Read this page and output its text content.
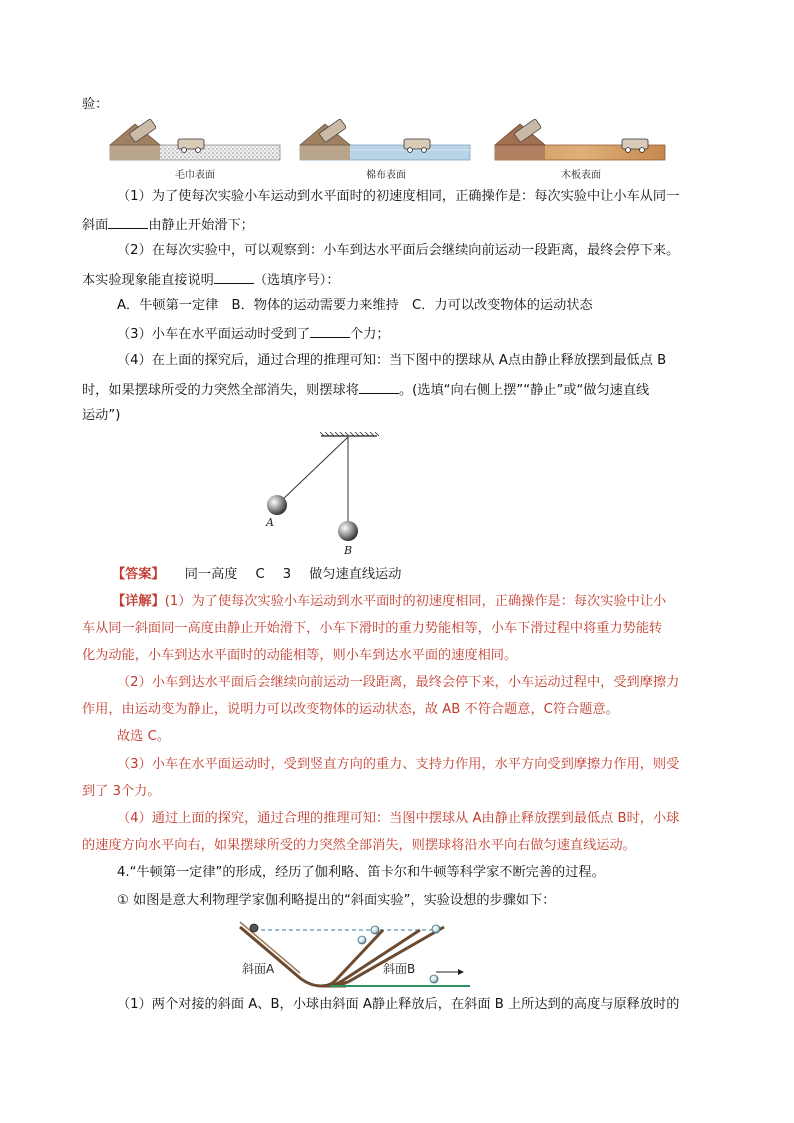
验：
毛巾表面	棉布表面	木板表面
（1）为了使每次实验小车运动到水平面时的初速度相同，正确操作是：每次实验中让小车从同一
斜面	由静止开始滑下；
（2）在每次实验中，可以观察到：小车到达水平面后会继续向前运动一段距离，最终会停下来。
本实验现象能直接说明	（选填序号）：
A．牛顿第一定律　B．物体的运动需要力来维持　C．力可以改变物体的运动状态
（3）小车在水平面运动时受到了	个力；
（4）在上面的探究后，通过合理的推理可知：当下图中的摆球从 A点由静止释放摆到最低点 B
时，如果摆球所受的力突然全部消失，则摆球将	。(选填“向右侧上摆”“静止”或“做匀速直线
运动”)
A
B
【答案】 同一高度 C 3 做匀速直线运动
【详解】(1）为了使每次实验小车运动到水平面时的初速度相同，正确操作是：每次实验中让小
车从同一斜面同一高度由静止开始滑下，小车下滑时的重力势能相等，小车下滑过程中将重力势能转
化为动能，小车到达水平面时的动能相等，则小车到达水平面的速度相同。
（2）小车到达水平面后会继续向前运动一段距离，最终会停下来，小车运动过程中，受到摩擦力
作用，由运动变为静止，说明力可以改变物体的运动状态，故 AB 不符合题意，C符合题意。
故选 C。
（3）小车在水平面运动时，受到竖直方向的重力、支持力作用，水平方向受到摩擦力作用，则受
到了 3个力。
（4）通过上面的探究，通过合理的推理可知：当图中摆球从 A由静止释放摆到最低点 B时，小球
的速度方向水平向右，如果摆球所受的力突然全部消失，则摆球将沿水平向右做匀速直线运动。
4.“牛顿第一定律”的形成，经历了伽利略、笛卡尔和牛顿等科学家不断完善的过程。
① 如图是意大利物理学家伽利略提出的“斜面实验”，实验设想的步骤如下：
斜面A	斜面B
（1）两个对接的斜面 A、B，小球由斜面 A静止释放后，在斜面 B 上所达到的高度与原释放时的
